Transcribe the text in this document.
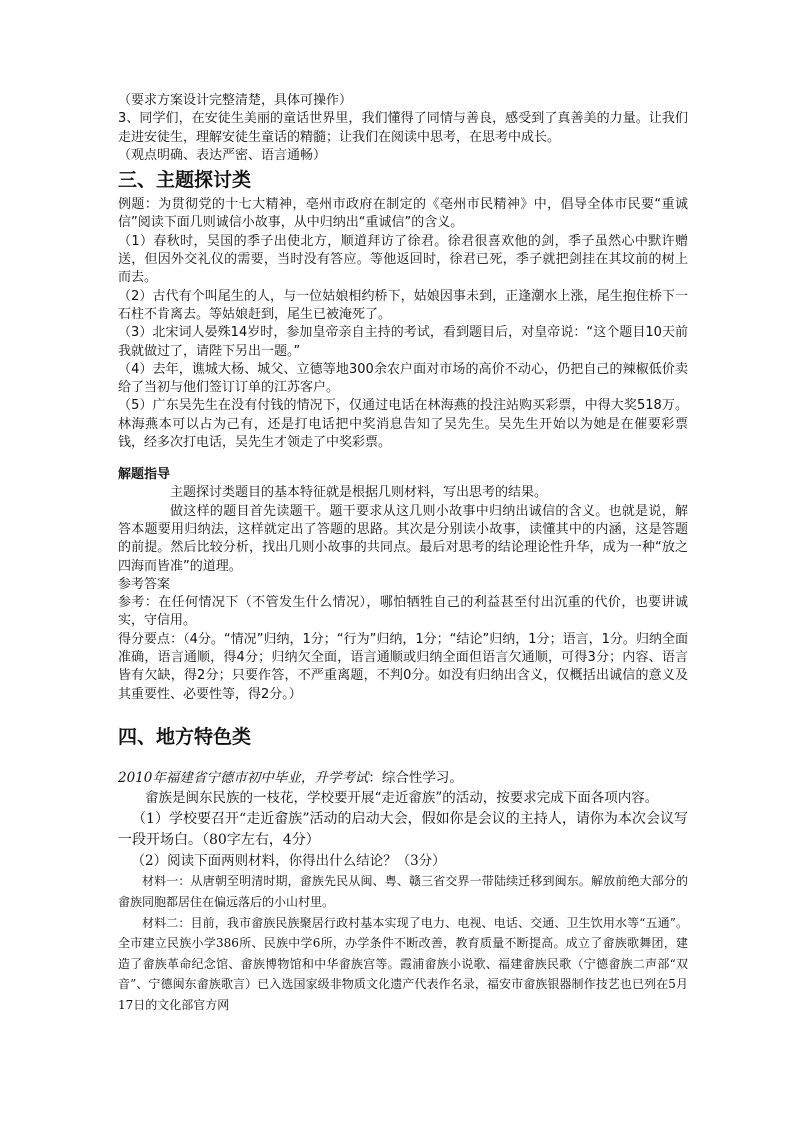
（要求方案设计完整清楚，具体可操作）

3、同学们，在安徒生美丽的童话世界里，我们懂得了同情与善良，感受到了真善美的力量。让我们走进安徒生，理解安徒生童话的精髓；让我们在阅读中思考，在思考中成长。

（观点明确、表达严密、语言通畅）

三、主题探讨类

例题：为贯彻党的十七大精神，亳州市政府在制定的《亳州市民精神》中，倡导全体市民要“重诚信”阅读下面几则诚信小故事，从中归纳出“重诚信”的含义。

（1）春秋时，吴国的季子出使北方，顺道拜访了徐君。徐君很喜欢他的剑，季子虽然心中默许赠送，但因外交礼仪的需要，当时没有答应。等他返回时，徐君已死，季子就把剑挂在其坟前的树上而去。

（2）古代有个叫尾生的人，与一位姑娘相约桥下，姑娘因事未到，正逢潮水上涨，尾生抱住桥下一石柱不肯离去。等姑娘赶到，尾生已被淹死了。

（3）北宋词人晏殊14岁时，参加皇帝亲自主持的考试，看到题目后，对皇帝说：“这个题目10天前我就做过了，请陛下另出一题。”

（4）去年，谯城大杨、城父、立德等地300余农户面对市场的高价不动心，仍把自己的辣椒低价卖给了当初与他们签订订单的江苏客户。

（5）广东吴先生在没有付钱的情况下，仅通过电话在林海燕的投注站购买彩票，中得大奖518万。林海燕本可以占为己有，还是打电话把中奖消息告知了吴先生。吴先生开始以为她是在催要彩票钱，经多次打电话，吴先生才领走了中奖彩票。

解题指导

主题探讨类题目的基本特征就是根据几则材料，写出思考的结果。

做这样的题目首先读题干。题干要求从这几则小故事中归纳出诚信的含义。也就是说，解答本题要用归纳法，这样就定出了答题的思路。其次是分别读小故事，读懂其中的内涵，这是答题的前提。然后比较分析，找出几则小故事的共同点。最后对思考的结论理论性升华，成为一种“放之四海而皆准”的道理。

参考答案

参考：在任何情况下（不管发生什么情况），哪怕牺牲自己的利益甚至付出沉重的代价，也要讲诚实，守信用。

得分要点：（4分。“情况”归纳，1分；“行为”归纳，1分；“结论”归纳，1分；语言，1分。归纳全面准确，语言通顺，得4分；归纳欠全面，语言通顺或归纳全面但语言欠通顺，可得3分；内容、语言皆有欠缺，得2分；只要作答，不严重离题，不判0分。如没有归纳出含义，仅概括出诚信的意义及其重要性、必要性等，得2分。）

四、地方特色类

2010年福建省宁德市初中毕业，升学考试：综合性学习。

畲族是闽东民族的一枝花，学校要开展“走近畲族”的活动，按要求完成下面各项内容。

（1）学校要召开“走近畲族”活动的启动大会，假如你是会议的主持人，请你为本次会议写一段开场白。（80字左右，4分）

（2）阅读下面两则材料，你得出什么结论？（3分）

材料一：从唐朝至明清时期，畲族先民从闽、粤、赣三省交界一带陆续迁移到闽东。解放前绝大部分的畲族同胞都居住在偏远落后的小山村里。

材料二：目前，我市畲族民族聚居行政村基本实现了电力、电视、电话、交通、卫生饮用水等“五通”。全市建立民族小学386所、民族中学6所，办学条件不断改善，教育质量不断提高。成立了畲族歌舞团，建造了畲族革命纪念馆、畲族博物馆和中华畲族宫等。霞浦畲族小说歌、福建畲族民歌（宁德畲族二声部“双音”、宁德闽东畲族歌言）已入选国家级非物质文化遗产代表作名录，福安市畲族银器制作技艺也已列在5月17日的文化部官方网
